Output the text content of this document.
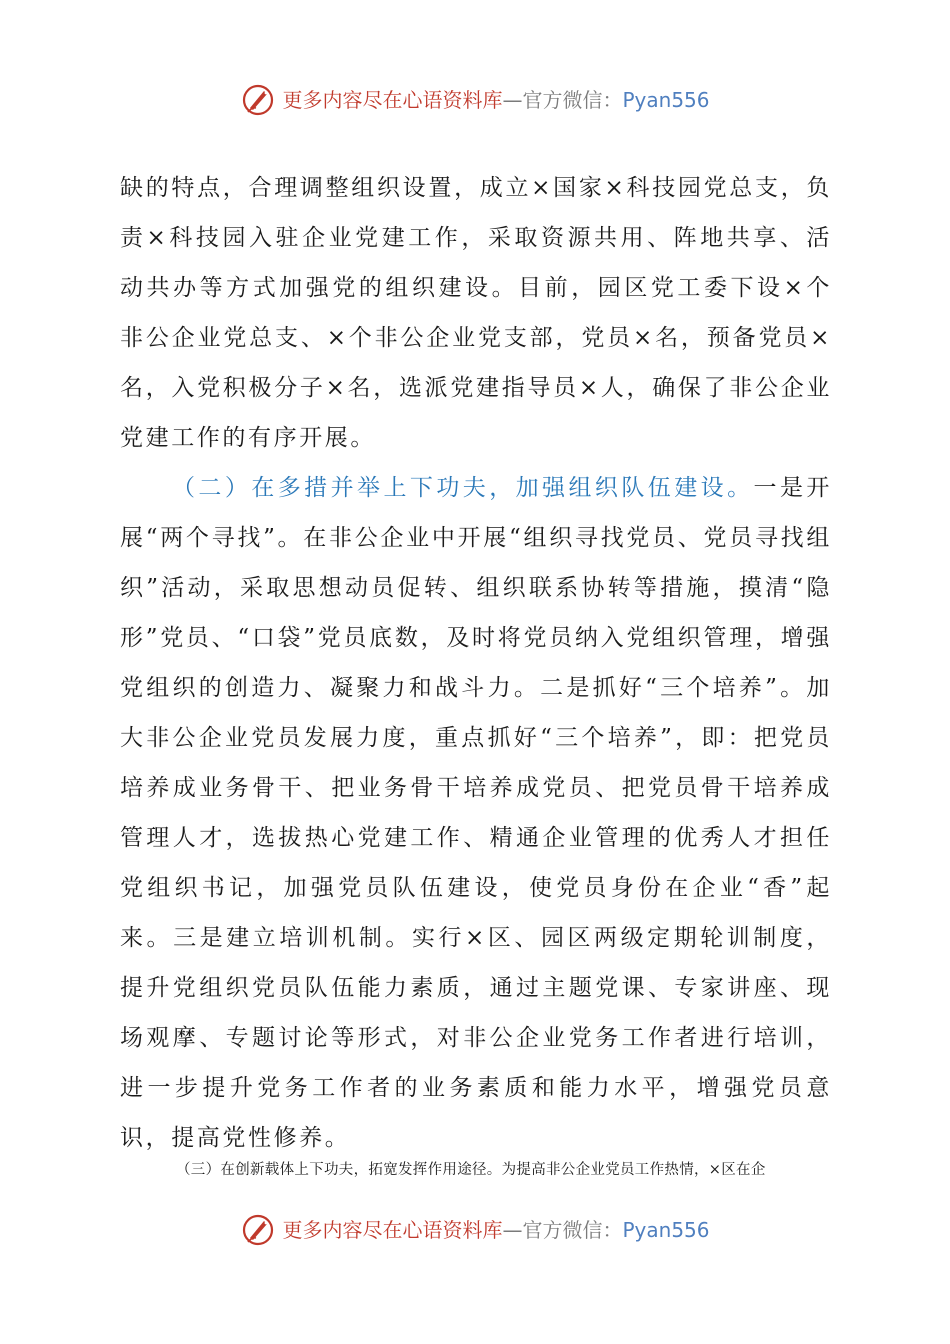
更多内容尽在心语资料库—官方微信：Pyan556

缺的特点，合理调整组织设置，成立×国家×科技园党总支，负责×科技园入驻企业党建工作，采取资源共用、阵地共享、活动共办等方式加强党的组织建设。目前，园区党工委下设×个非公企业党总支、×个非公企业党支部，党员×名，预备党员×名，入党积极分子×名，选派党建指导员×人，确保了非公企业党建工作的有序开展。

（二）在多措并举上下功夫，加强组织队伍建设。一是开展“两个寻找”。在非公企业中开展“组织寻找党员、党员寻找组织”活动，采取思想动员促转、组织联系协转等措施，摸清“隐形”党员、“口袋”党员底数，及时将党员纳入党组织管理，增强党组织的创造力、凝聚力和战斗力。二是抓好“三个培养”。加大非公企业党员发展力度，重点抓好“三个培养”，即：把党员培养成业务骨干、把业务骨干培养成党员、把党员骨干培养成管理人才，选拔热心党建工作、精通企业管理的优秀人才担任党组织书记，加强党员队伍建设，使党员身份在企业“香”起来。三是建立培训机制。实行×区、园区两级定期轮训制度，提升党组织党员队伍能力素质，通过主题党课、专家讲座、现场观摩、专题讨论等形式，对非公企业党务工作者进行培训，进一步提升党务工作者的业务素质和能力水平，增强党员意识，提高党性修养。

（三）在创新载体上下功夫，拓宽发挥作用途径。为提高非公企业党员工作热情，×区在企

更多内容尽在心语资料库—官方微信：Pyan556
